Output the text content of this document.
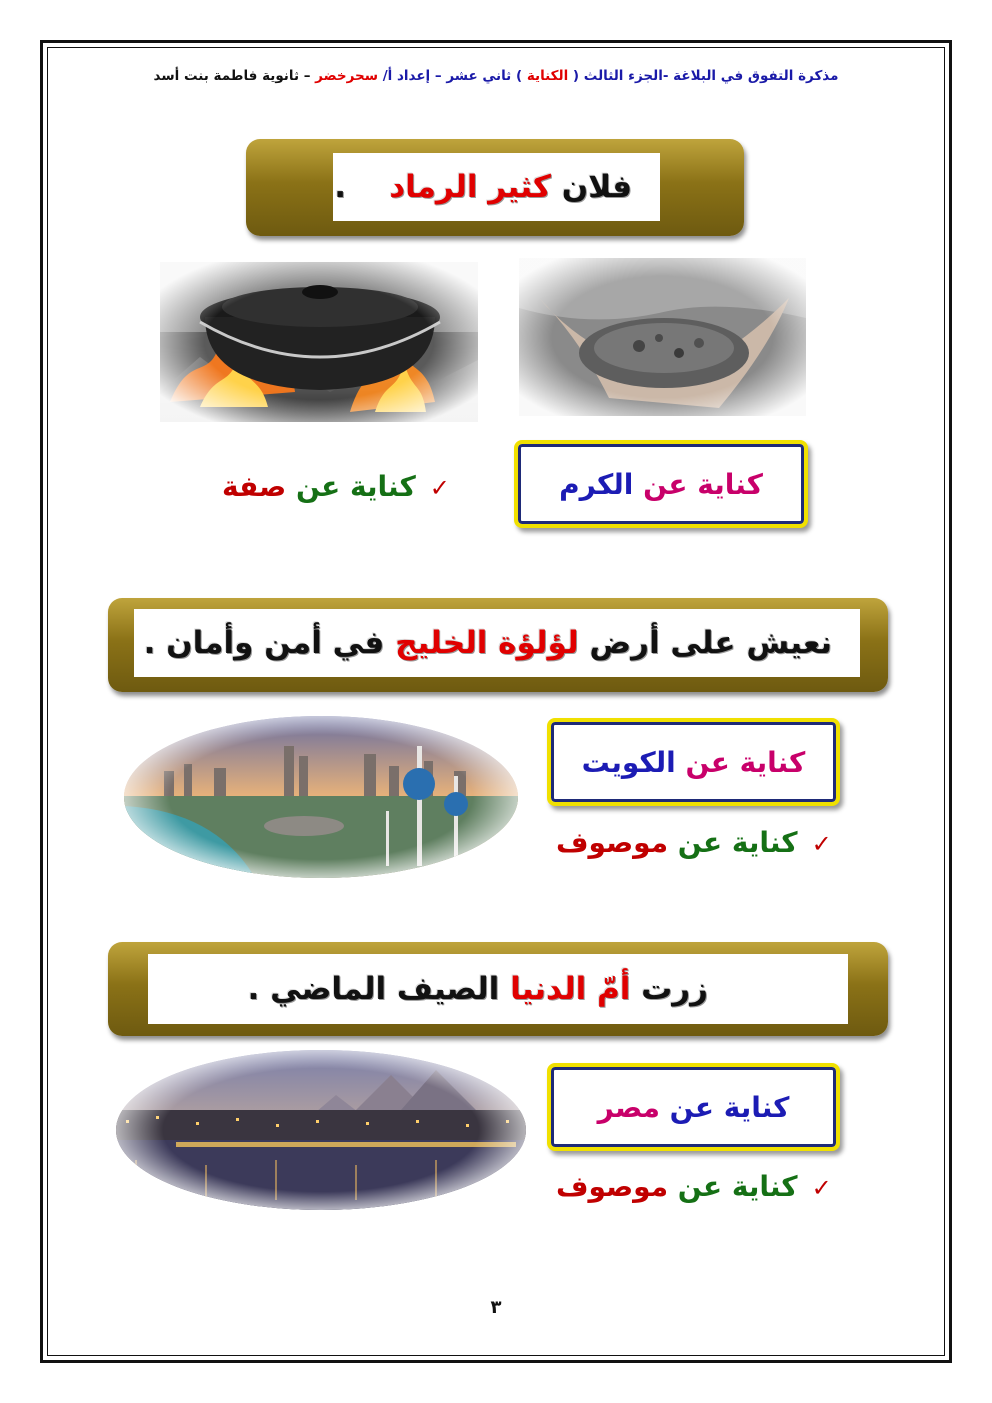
مذكرة التفوق في البلاغة -الجزء الثالث ( الكناية ) ثاني عشر – إعداد أ/ سحرخضر – ثانوية فاطمة بنت أسد
فلان

كثير الرماد

.
كناية عن

الكرم
✓كناية عن صفة
نعيش على أرض

لؤلؤة الخليج

في أمن وأمان .
كناية عن

الكويت
✓كناية عن موصوف
زرت

أمّ الدنيا

الصيف الماضي .
كناية عن

مصر
✓كناية عن موصوف
٣
